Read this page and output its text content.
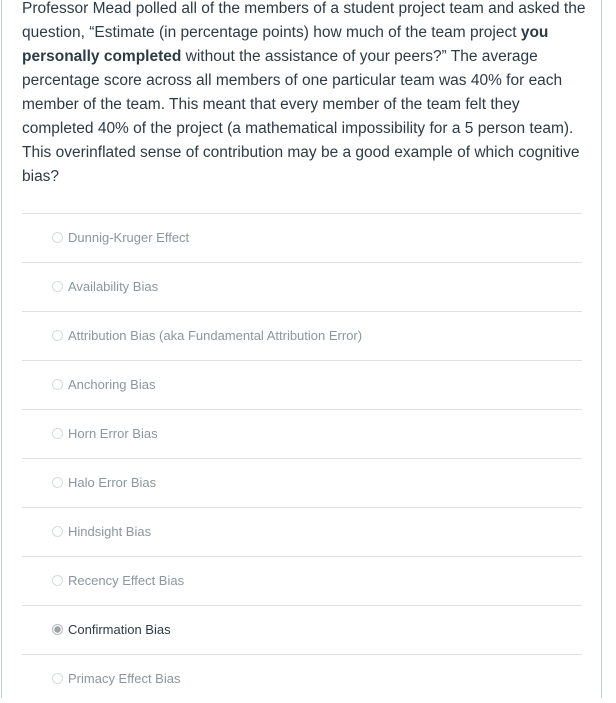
Professor Mead polled all of the members of a student project team and asked the question, “Estimate (in percentage points) how much of the team project you personally completed without the assistance of your peers?” The average percentage score across all members of one particular team was 40% for each member of the team. This meant that every member of the team felt they completed 40% of the project (a mathematical impossibility for a 5 person team). This overinflated sense of contribution may be a good example of which cognitive bias?

Dunnig-Kruger Effect
Availability Bias
Attribution Bias (aka Fundamental Attribution Error)
Anchoring Bias
Horn Error Bias
Halo Error Bias
Hindsight Bias
Recency Effect Bias
Confirmation Bias
Primacy Effect Bias
